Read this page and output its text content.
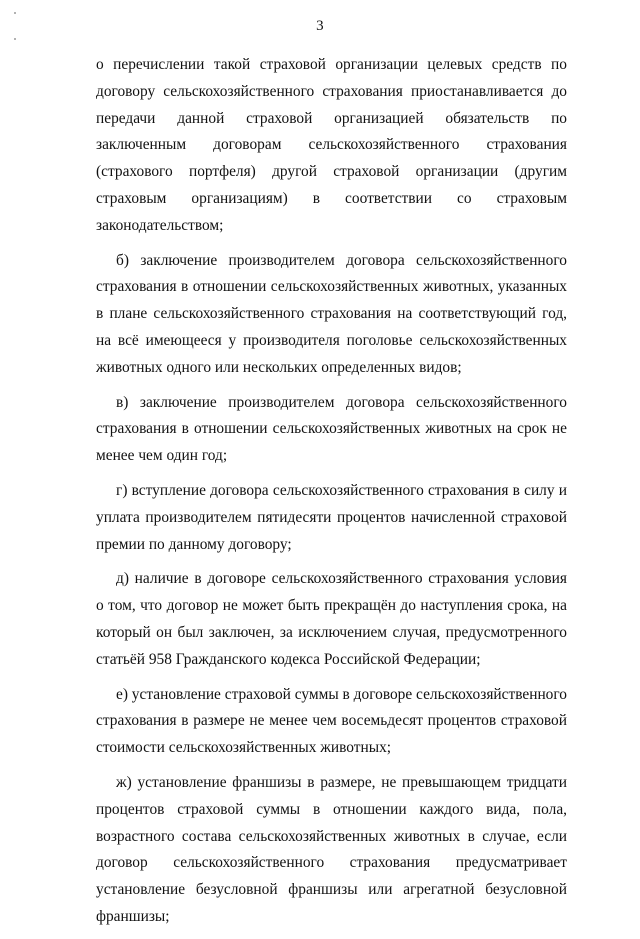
3

о перечислении такой страховой организации целевых средств по договору сельскохозяйственного страхования приостанавливается до передачи данной страховой организацией обязательств по заключенным договорам сельскохозяйственного страхования (страхового портфеля) другой страховой организации (другим страховым организациям) в соответствии со страховым законодательством;

б) заключение производителем договора сельскохозяйственного страхования в отношении сельскохозяйственных животных, указанных в плане сельскохозяйственного страхования на соответствующий год, на всё имеющееся у производителя поголовье сельскохозяйственных животных одного или нескольких определенных видов;

в) заключение производителем договора сельскохозяйственного страхования в отношении сельскохозяйственных животных на срок не менее чем один год;

г) вступление договора сельскохозяйственного страхования в силу и уплата производителем пятидесяти процентов начисленной страховой премии по данному договору;

д) наличие в договоре сельскохозяйственного страхования условия о том, что договор не может быть прекращён до наступления срока, на который он был заключен, за исключением случая, предусмотренного статьёй 958 Гражданского кодекса Российской Федерации;

е) установление страховой суммы в договоре сельскохозяйственного страхования в размере не менее чем восемьдесят процентов страховой стоимости сельскохозяйственных животных;

ж) установление франшизы в размере, не превышающем тридцати процентов страховой суммы в отношении каждого вида, пола, возрастного состава сельскохозяйственных животных в случае, если договор сельскохозяйственного страхования предусматривает установление безусловной франшизы или агрегатной безусловной франшизы;
